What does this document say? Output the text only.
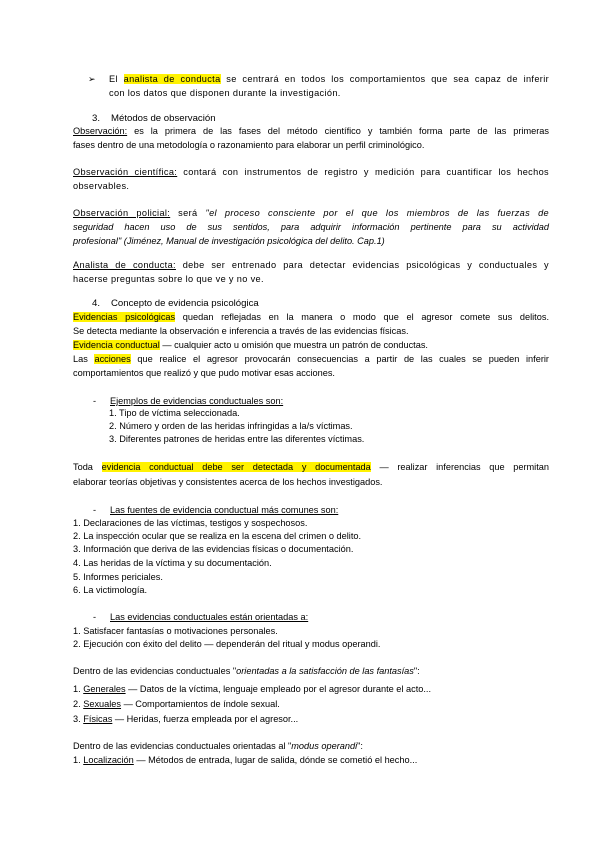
➢	El analista de conducta se centrará en todos los comportamientos que sea capaz de inferir
con los datos que disponen durante la investigación.
3.	Métodos de observación
Observación: es la primera de las fases del método científico y también forma parte de las primeras
fases dentro de una metodología o razonamiento para elaborar un perfil criminológico.
Observación científica: contará con instrumentos de registro y medición para cuantificar los hechos
observables.
Observación policial: será "el proceso consciente por el que los miembros de las fuerzas de
seguridad hacen uso de sus sentidos, para adquirir información pertinente para su actividad
profesional" (Jiménez, Manual de investigación psicológica del delito. Cap.1)
Analista de conducta: debe ser entrenado para detectar evidencias psicológicas y conductuales y
hacerse preguntas sobre lo que ve y no ve.
4.	Concepto de evidencia psicológica
Evidencias psicológicas quedan reflejadas en la manera o modo que el agresor comete sus delitos.
Se detecta mediante la observación e inferencia a través de las evidencias físicas.
Evidencia conductual — cualquier acto u omisión que muestra un patrón de conductas.
Las acciones que realice el agresor provocarán consecuencias a partir de las cuales se pueden inferir
comportamientos que realizó y que pudo motivar esas acciones.
-	Ejemplos de evidencias conductuales son:
1. Tipo de víctima seleccionada.
2. Número y orden de las heridas infringidas a la/s víctimas.
3. Diferentes patrones de heridas entre las diferentes víctimas.
Toda evidencia conductual debe ser detectada y documentada — realizar inferencias que permitan
elaborar teorías objetivas y consistentes acerca de los hechos investigados.
-	Las fuentes de evidencia conductual más comunes son:
1. Declaraciones de las víctimas, testigos y sospechosos.
2. La inspección ocular que se realiza en la escena del crimen o delito.
3. Información que deriva de las evidencias físicas o documentación.
4. Las heridas de la víctima y su documentación.
5. Informes periciales.
6. La victimología.
-	Las evidencias conductuales están orientadas a:
1. Satisfacer fantasías o motivaciones personales.
2. Ejecución con éxito del delito — dependerán del ritual y modus operandi.
Dentro de las evidencias conductuales "orientadas a la satisfacción de las fantasías":
1. Generales — Datos de la víctima, lenguaje empleado por el agresor durante el acto...
2. Sexuales — Comportamientos de índole sexual.
3. Físicas — Heridas, fuerza empleada por el agresor...
Dentro de las evidencias conductuales orientadas al "modus operandi":
1. Localización — Métodos de entrada, lugar de salida, dónde se cometió el hecho...
